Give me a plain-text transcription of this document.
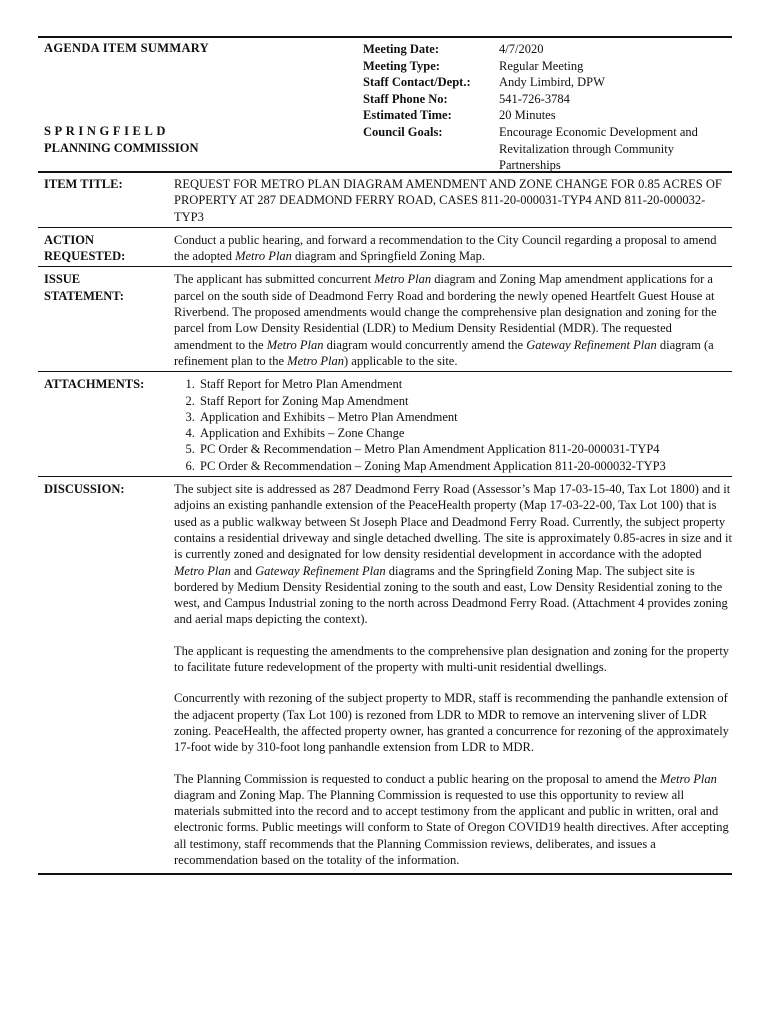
AGENDA ITEM SUMMARY
SPRINGFIELD
PLANNING COMMISSION
Meeting Date:	4/7/2020
Meeting Type:	Regular Meeting
Staff Contact/Dept.:	Andy Limbird, DPW
Staff Phone No:	541-726-3784
Estimated Time:	20 Minutes
Council Goals:	Encourage Economic Development and Revitalization through Community Partnerships
ITEM TITLE:	REQUEST FOR METRO PLAN DIAGRAM AMENDMENT AND ZONE CHANGE FOR 0.85 ACRES OF PROPERTY AT 287 DEADMOND FERRY ROAD, CASES 811-20-000031-TYP4 AND 811-20-000032-TYP3
ACTION
REQUESTED:
Conduct a public hearing, and forward a recommendation to the City Council regarding a proposal to amend the adopted Metro Plan diagram and Springfield Zoning Map.
ISSUE
STATEMENT:
The applicant has submitted concurrent Metro Plan diagram and Zoning Map amendment applications for a parcel on the south side of Deadmond Ferry Road and bordering the newly opened Heartfelt Guest House at Riverbend. The proposed amendments would change the comprehensive plan designation and zoning for the parcel from Low Density Residential (LDR) to Medium Density Residential (MDR). The requested amendment to the Metro Plan diagram would concurrently amend the Gateway Refinement Plan diagram (a refinement plan to the Metro Plan) applicable to the site.
ATTACHMENTS:
1.	Staff Report for Metro Plan Amendment
2. Staff Report for Zoning Map Amendment
3. Application and Exhibits – Metro Plan Amendment
4. Application and Exhibits – Zone Change
5. PC Order & Recommendation – Metro Plan Amendment Application 811-20-000031-TYP4
6. PC Order & Recommendation – Zoning Map Amendment Application 811-20-000032-TYP3
DISCUSSION:	The subject site is addressed as 287 Deadmond Ferry Road (Assessor’s Map 17-03-15-40, Tax Lot 1800) and it adjoins an existing panhandle extension of the PeaceHealth property (Map 17-03-22-00, Tax Lot 100) that is used as a public walkway between St Joseph Place and Deadmond Ferry Road. Currently, the subject property contains a residential driveway and single detached dwelling. The site is approximately 0.85-acres in size and it is currently zoned and designated for low density residential development in accordance with the adopted Metro Plan and Gateway Refinement Plan diagrams and the Springfield Zoning Map. The subject site is bordered by Medium Density Residential zoning to the south and east, Low Density Residential zoning to the west, and Campus Industrial zoning to the north across Deadmond Ferry Road. (Attachment 4 provides zoning and aerial maps depicting the context).

The applicant is requesting the amendments to the comprehensive plan designation and zoning for the property to facilitate future redevelopment of the property with multi-unit residential dwellings.

Concurrently with rezoning of the subject property to MDR, staff is recommending the panhandle extension of the adjacent property (Tax Lot 100) is rezoned from LDR to MDR to remove an intervening sliver of LDR zoning. PeaceHealth, the affected property owner, has granted a concurrence for rezoning of the approximately 17-foot wide by 310-foot long panhandle extension from LDR to MDR.

The Planning Commission is requested to conduct a public hearing on the proposal to amend the Metro Plan diagram and Zoning Map. The Planning Commission is requested to use this opportunity to review all materials submitted into the record and to accept testimony from the applicant and public in written, oral and electronic forms. Public meetings will conform to State of Oregon COVID19 health directives. After accepting all testimony, staff recommends that the Planning Commission reviews, deliberates, and issues a recommendation based on the totality of the information.
